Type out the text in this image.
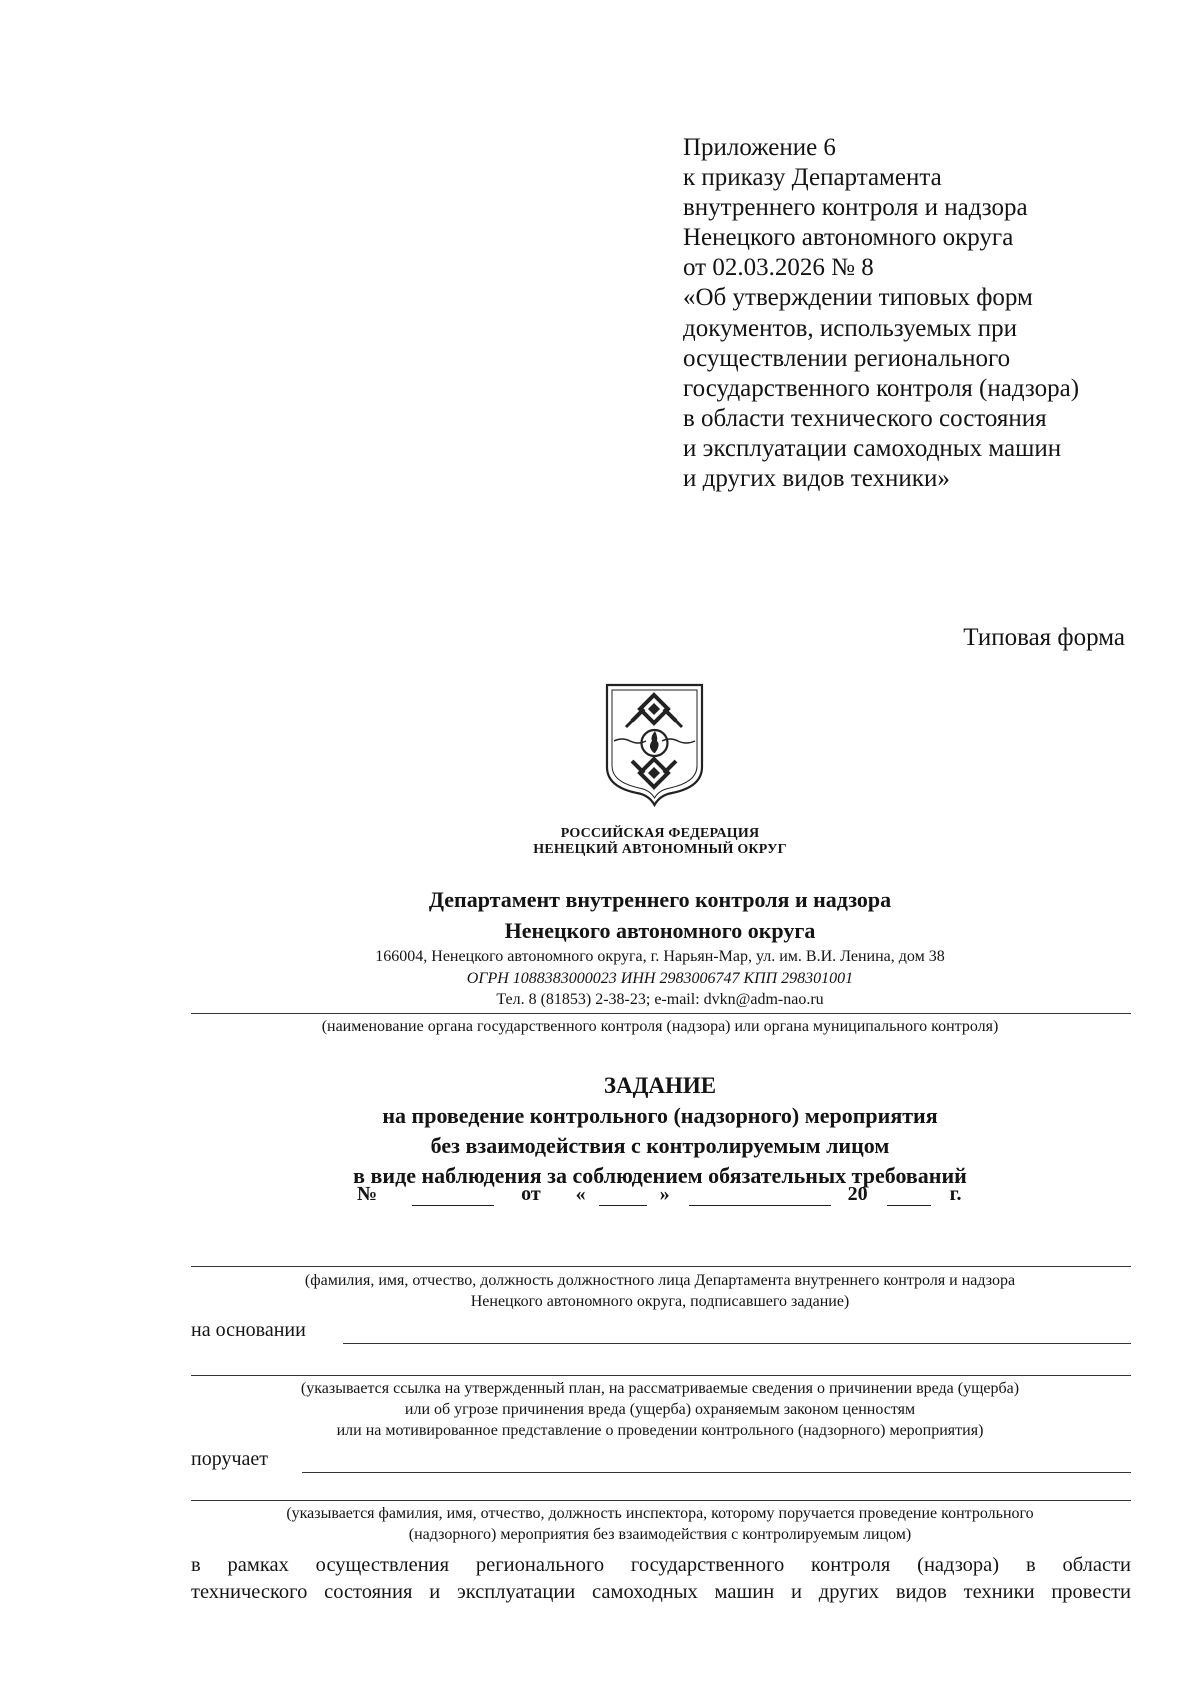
Приложение 6
к приказу Департамента
внутреннего контроля и надзора
Ненецкого автономного округа
от 02.03.2026 № 8
«Об утверждении типовых форм
документов, используемых при
осуществлении регионального
государственного контроля (надзора)
в области технического состояния
и эксплуатации самоходных машин
и других видов техники»
Типовая форма
РОССИЙСКАЯ ФЕДЕРАЦИЯ
НЕНЕЦКИЙ АВТОНОМНЫЙ ОКРУГ
Департамент внутреннего контроля и надзора
Ненецкого автономного округа
166004, Ненецкого автономного округа, г. Нарьян-Мар, ул. им. В.И. Ленина, дом 38
ОГРН 1088383000023 ИНН 2983006747 КПП 298301001
Тел. 8 (81853) 2-38-23; e-mail: dvkn@adm-nao.ru
(наименование органа государственного контроля (надзора) или органа муниципального контроля)
ЗАДАНИЕ
на проведение контрольного (надзорного) мероприятия
без взаимодействия с контролируемым лицом
в виде наблюдения за соблюдением обязательных требований
№	от «	»	20	г.
(фамилия, имя, отчество, должность должностного лица Департамента внутреннего контроля и надзора
Ненецкого автономного округа, подписавшего задание)
на основании
(указывается ссылка на утвержденный план, на рассматриваемые сведения о причинении вреда (ущерба)
или об угрозе причинения вреда (ущерба) охраняемым законом ценностям
или на мотивированное представление о проведении контрольного (надзорного) мероприятия)
поручает
(указывается фамилия, имя, отчество, должность инспектора, которому поручается проведение контрольного
(надзорного) мероприятия без взаимодействия с контролируемым лицом)
в рамках осуществления регионального государственного контроля (надзора) в области
технического состояния и эксплуатации самоходных машин и других видов техники провести
